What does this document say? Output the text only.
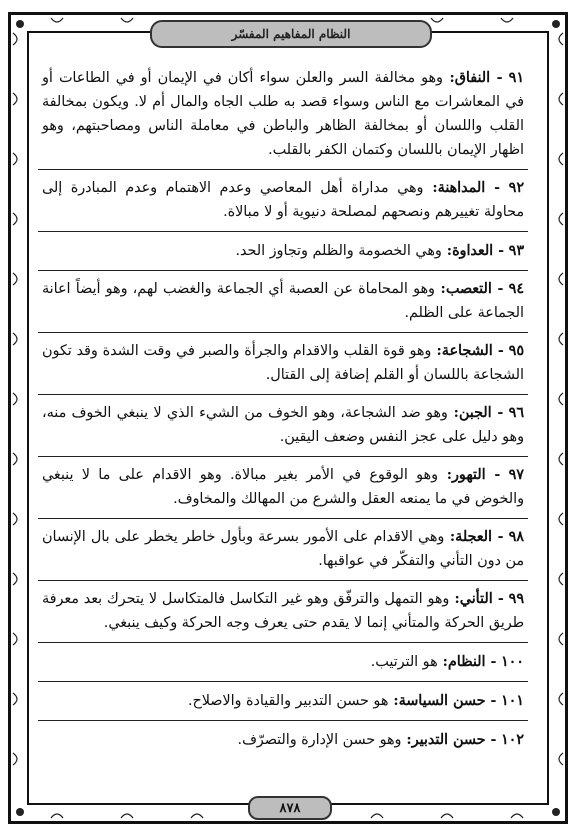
النظام المفاهيم المفسّر
٩١ - النفاق: وهو مخالفة السر والعلن سواء أكان في الإيمان أو في الطاعات أو في المعاشرات مع الناس وسواء قصد به طلب الجاه والمال أم لا. ويكون بمخالفة القلب واللسان أو بمخالفة الظاهر والباطن في معاملة الناس ومصاحبتهم، وهو اظهار الإيمان باللسان وكتمان الكفر بالقلب.
٩٢ - المداهنة: وهي مداراة أهل المعاصي وعدم الاهتمام وعدم المبادرة إلى محاولة تغييرهم ونصحهم لمصلحة دنيوية أو لا مبالاة.
٩٣ - العداوة: وهي الخصومة والظلم وتجاوز الحد.
٩٤ - التعصب: وهو المحاماة عن العصبة أي الجماعة والغضب لهم، وهو أيضاً اعانة الجماعة على الظلم.
٩٥ - الشجاعة: وهو قوة القلب والاقدام والجرأة والصبر في وقت الشدة وقد تكون الشجاعة باللسان أو القلم إضافة إلى القتال.
٩٦ - الجبن: وهو ضد الشجاعة، وهو الخوف من الشيء الذي لا ينبغي الخوف منه، وهو دليل على عجز النفس وضعف اليقين.
٩٧ - التهور: وهو الوقوع في الأمر بغير مبالاة. وهو الاقدام على ما لا ينبغي والخوض في ما يمنعه العقل والشرع من المهالك والمخاوف.
٩٨ - العجلة: وهي الاقدام على الأمور بسرعة وبأول خاطر يخطر على بال الإنسان من دون التأني والتفكّر في عواقبها.
٩٩ - التأني: وهو التمهل والترفّق وهو غير التكاسل فالمتكاسل لا يتحرك بعد معرفة طريق الحركة والمتأني إنما لا يقدم حتى يعرف وجه الحركة وكيف ينبغي.
١٠٠ - النظام: هو الترتيب.
١٠١ - حسن السياسة: هو حسن التدبير والقيادة والاصلاح.
١٠٢ - حسن التدبير: وهو حسن الإدارة والتصرّف.
٨٧٨
